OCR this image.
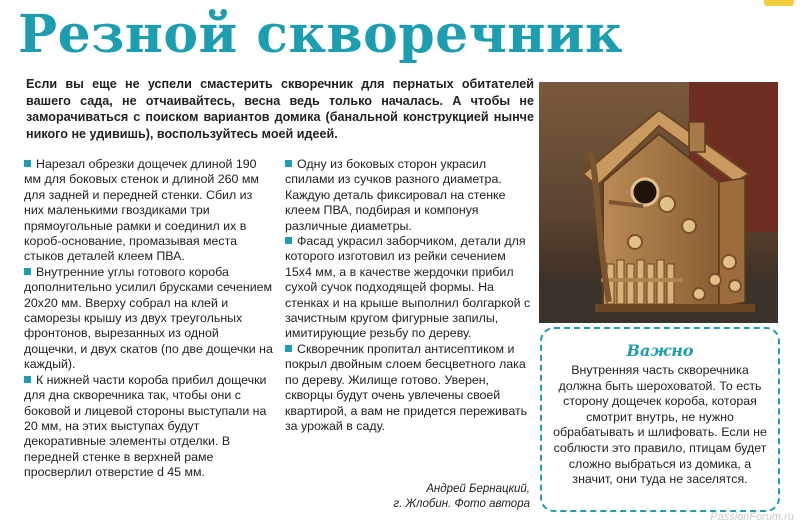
Резной скворечник

Если вы еще не успели смастерить скворечник для пернатых обитателей вашего сада, не отчаивайтесь, весна ведь только началась. А чтобы не заморачиваться с поиском вариантов домика (банальной конструкцией нынче никого не удивишь), воспользуйтесь моей идеей.

Нарезал обрезки дощечек длиной 190 мм для боковых стенок и длиной 260 мм для задней и передней стенки. Сбил из них маленькими гвоздиками три прямоугольные рамки и соединил их в короб-основание, промазывая места стыков деталей клеем ПВА.

Внутренние углы готового короба дополнительно усилил брусками сечением 20х20 мм. Вверху собрал на клей и саморезы крышу из двух треугольных фронтонов, вырезанных из одной дощечки, и двух скатов (по две дощечки на каждый).

К нижней части короба прибил дощечки для дна скворечника так, чтобы они с боковой и лицевой стороны выступали на 20 мм, на этих выступах будут декоративные элементы отделки. В передней стенке в верхней раме просверлил отверстие d 45 мм.

Одну из боковых сторон украсил спилами из сучков разного диаметра. Каждую деталь фиксировал на стенке клеем ПВА, подбирая и компонуя различные диаметры.

Фасад украсил заборчиком, детали для которого изготовил из рейки сечением 15х4 мм, а в качестве жердочки прибил сухой сучок подходящей формы. На стенках и на крыше выполнил болгаркой с зачистным кругом фигурные запилы, имитирующие резьбу по дереву.

Скворечник пропитал антисептиком и покрыл двойным слоем бесцветного лака по дереву. Жилище готово. Уверен, скворцы будут очень увлечены своей квартирой, а вам не придется переживать за урожай в саду.

Андрей Бернацкий,
г. Жлобин. Фото автора
Важно
Внутренняя часть скворечника должна быть шероховатой. То есть сторону дощечек короба, которая смотрит внутрь, не нужно обрабатывать и шлифовать. Если не соблюсти это правило, птицам будет сложно выбраться из домика, а значит, они туда не заселятся.
PassionForum.ru
